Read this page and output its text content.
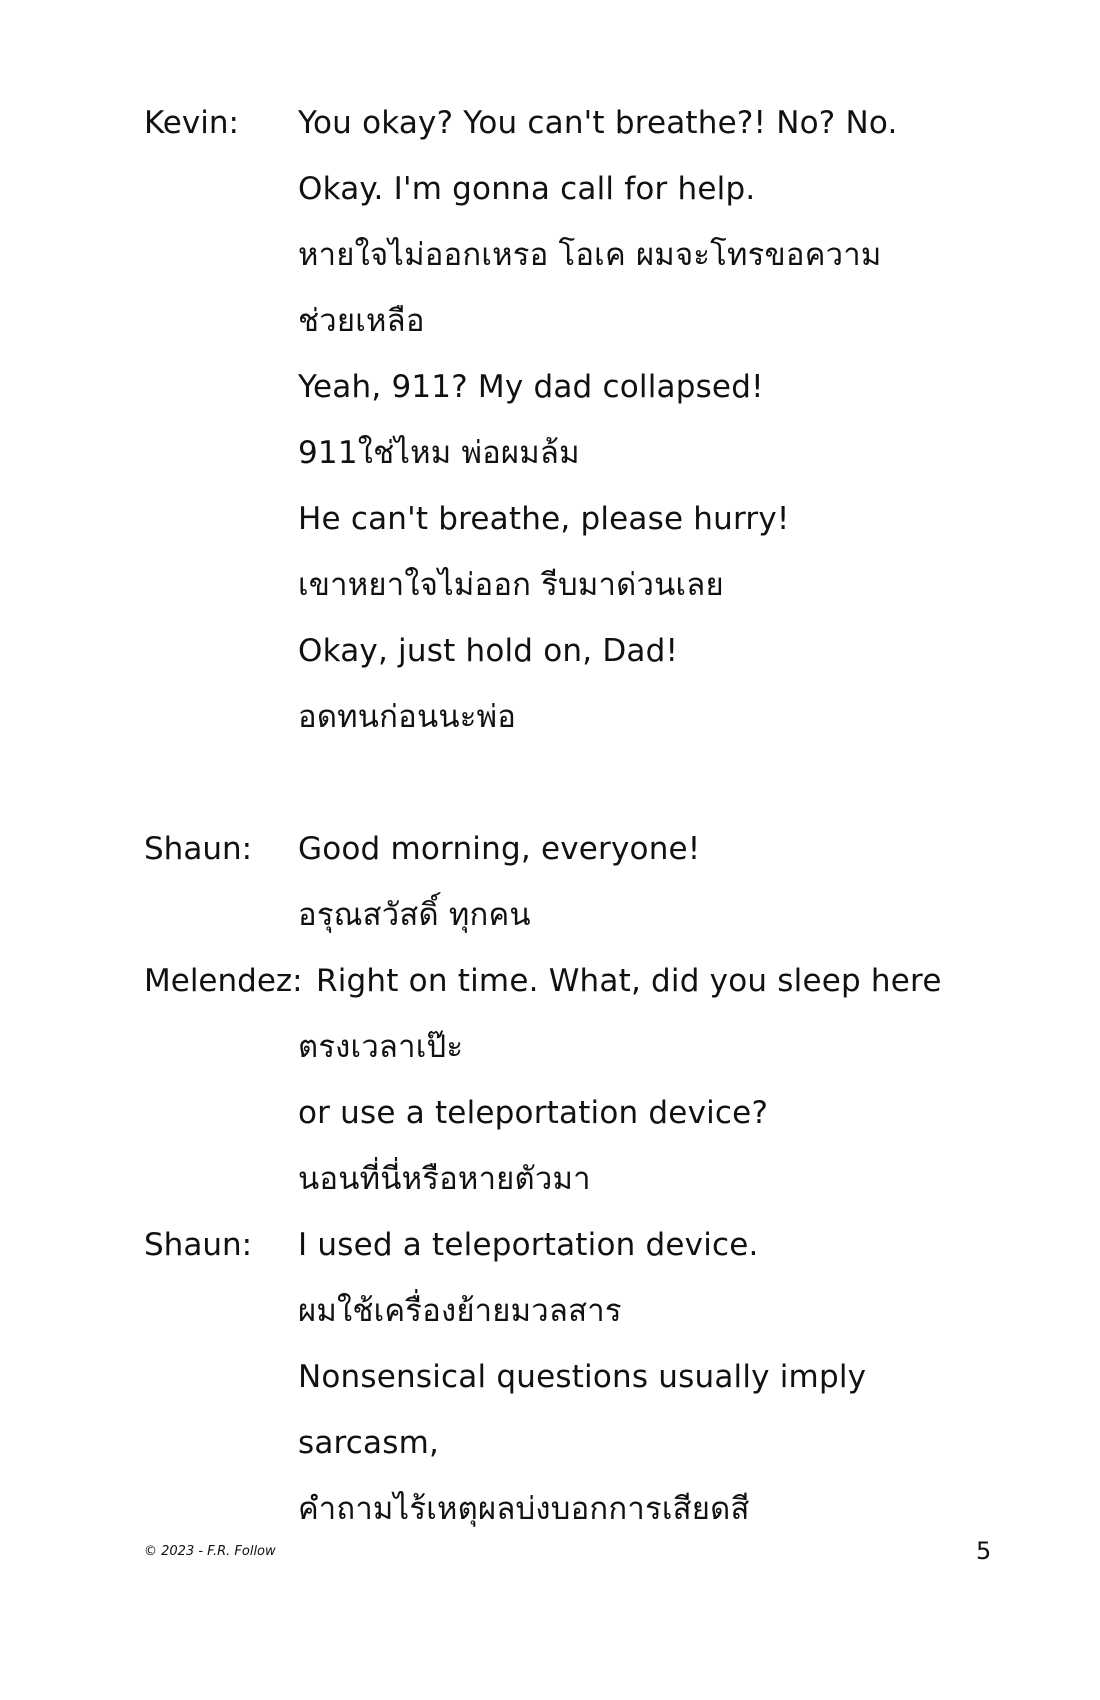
Kevin: You okay? You can't breathe?! No? No.
Okay. I'm gonna call for help.
หายใจไม่ออกเหรอ โอเค ผมจะโทรขอความ
ช่วยเหลือ
Yeah, 911? My dad collapsed!
911ใช่ไหม พ่อผมล้ม
He can't breathe, please hurry!
เขาหยาใจไม่ออก รีบมาด่วนเลย
Okay, just hold on, Dad!
อดทนก่อนนะพ่อ
Shaun: Good morning, everyone!
อรุณสวัสดิ์ ทุกคน
Melendez: Right on time. What, did you sleep here
ตรงเวลาเป๊ะ
or use a teleportation device?
นอนที่นี่หรือหายตัวมา
Shaun: I used a teleportation device.
ผมใช้เครื่องย้ายมวลสาร
Nonsensical questions usually imply
sarcasm,
คำถามไร้เหตุผลบ่งบอกการเสียดสี
© 2023 - F.R. Follow	5
